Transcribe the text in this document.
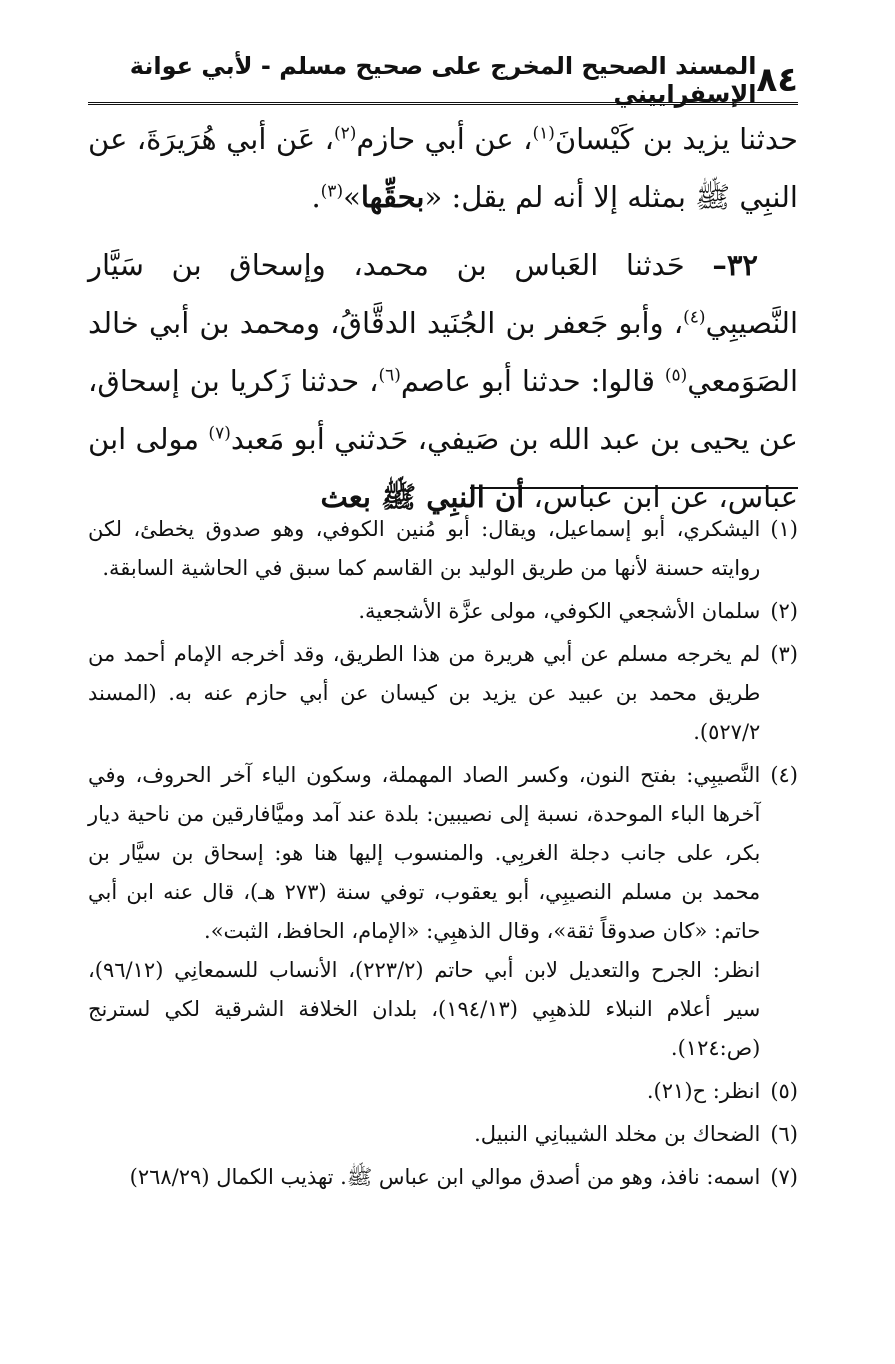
٨٤
المسند الصحيح المخرج على صحيح مسلم - لأبي عوانة الإسفراييني

حدثنا يزيد بن كَيْسانَ$^{(١)}$، عن أبي حازم$^{(٢)}$، عَن أبي هُرَيرَةَ، عن النبِي ﷺ بمثله إلا أنه لم يقل: «بحقِّها»$^{(٣)}$.

٣٢– حَدثنا العَباس بن محمد، وإسحاق بن سَيَّار النَّصيبِي$^{(٤)}$، وأبو جَعفر بن الجُنَيد الدقَّاقُ، ومحمد بن أبي خالد الصَوَمعي$^{(٥)}$ قالوا: حدثنا أبو عاصم$^{(٦)}$، حدثنا زَكريا بن إسحاق، عن يحيى بن عبد الله بن صَيفي، حَدثني أبو مَعبد$^{(٧)}$ مولى ابن عباس، عن ابن عباس، أن النبِي ﷺ بعث

(١)

اليشكري، أبو إسماعيل، ويقال: أبو مُنين الكوفي، وهو صدوق يخطئ، لكن روايته حسنة لأنها من طريق الوليد بن القاسم كما سبق في الحاشية السابقة.

(٢)

سلمان الأشجعي الكوفي، مولى عزَّة الأشجعية.

(٣)

لم يخرجه مسلم عن أبي هريرة من هذا الطريق، وقد أخرجه الإمام أحمد من طريق محمد بن عبيد عن يزيد بن كيسان عن أبي حازم عنه به. (المسند ٥٢٧/٢).

(٤)

النَّصيبِي: بفتح النون، وكسر الصاد المهملة، وسكون الياء آخر الحروف، وفي آخرها الباء الموحدة، نسبة إلى نصيبين: بلدة عند آمد وميَّافارقين من ناحية ديار بكر، على جانب دجلة الغربِي. والمنسوب إليها هنا هو: إسحاق بن سيَّار بن محمد بن مسلم النصيبِي، أبو يعقوب، توفي سنة (٢٧٣ هـ)، قال عنه ابن أبي حاتم: «كان صدوقاً ثقة»، وقال الذهبِي: «الإمام، الحافظ، الثبت».

انظر: الجرح والتعديل لابن أبي حاتم (٢٢٣/٢)، الأنساب للسمعانِي (٩٦/١٢)، سير أعلام النبلاء للذهبِي (١٩٤/١٣)، بلدان الخلافة الشرقية لكي لسترنج (ص:١٢٤).

(٥)

انظر: ح(٢١).

(٦)

الضحاك بن مخلد الشيبانِي النبيل.

(٧)

اسمه: نافذ، وهو من أصدق موالي ابن عباس ﷺ. تهذيب الكمال (٢٦٨/٢٩)
